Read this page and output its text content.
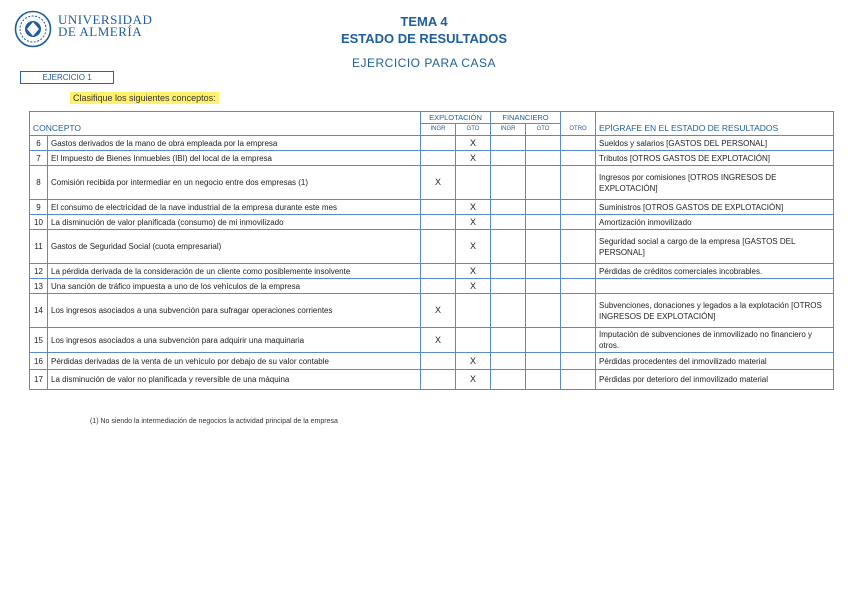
UNIVERSIDAD
DE ALMERÍA
TEMA 4
ESTADO DE RESULTADOS
EJERCICIO PARA CASA
EJERCICIO 1
Clasifique los siguientes conceptos:
CONCEPTO		EXPLOTACIÓN		FINANCIERO		OTRO	EPÍGRAFE EN EL ESTADO DE RESULTADOS
		INGR	GTO	INGR	GTO		
6	Gastos derivados de la mano de obra empleada por la empresa		X				Sueldos y salarios [GASTOS DEL PERSONAL]
7	El Impuesto de Bienes Inmuebles (IBI) del local de la empresa		X				Tributos [OTROS GASTOS DE EXPLOTACIÓN]
8	Comisión recibida por intermediar en un negocio entre dos empresas (1)	X					Ingresos por comisiones [OTROS INGRESOS DE EXPLOTACIÓN]
9	El consumo de electricidad de la nave industrial de la empresa durante este mes		X				Suministros [OTROS GASTOS DE EXPLOTACIÓN]
10	La disminución de valor planificada (consumo) de mi inmovilizado		X				Amortización inmovilizado
11	Gastos de Seguridad Social (cuota empresarial)		X				Seguridad social a cargo de la empresa [GASTOS DEL PERSONAL]
12	La pérdida derivada de la consideración de un cliente como posiblemente insolvente		X				Pérdidas de créditos comerciales incobrables.
13	Una sanción de tráfico impuesta a uno de los vehículos de la empresa		X				
14	Los ingresos asociados a una subvención para sufragar operaciones corrientes	X					Subvenciones, donaciones y legados a la explotación [OTROS INGRESOS DE EXPLOTACIÓN]
15	Los ingresos asociados a una subvención para adquirir una maquinaria	X					Imputación de subvenciones de inmovilizado no financiero y otros.
16	Pérdidas derivadas de la venta de un vehículo por debajo de su valor contable		X				Pérdidas procedentes del inmovilizado material
17	La disminución de valor no planificada y reversible de una máquina		X				Pérdidas por deterioro del inmovilizado material
(1) No siendo la intermediación de negocios la actividad principal de la empresa
